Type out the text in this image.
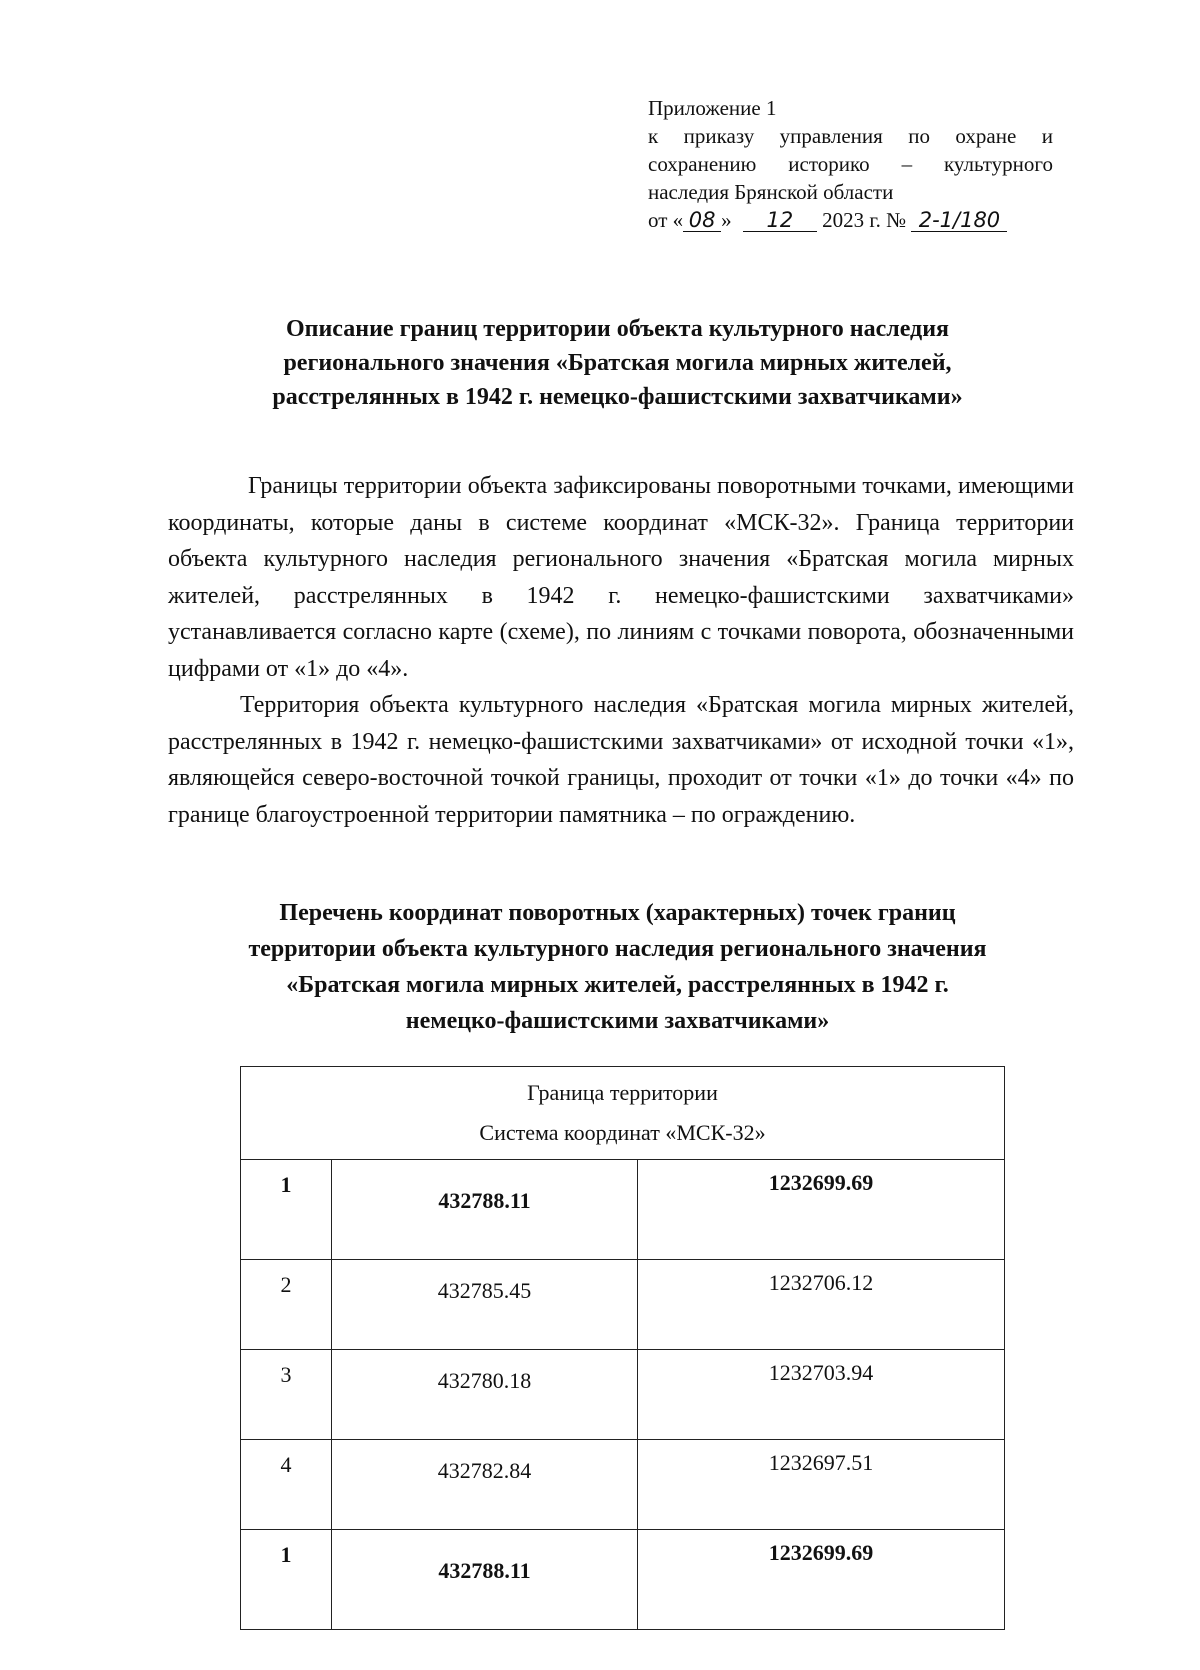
Приложение 1
к приказу управления по охране и
сохранению историко – культурного
наследия Брянской области
от « 08 » 12 2023 г. № 2-1/180
Описание границ территории объекта культурного наследия
регионального значения «Братская могила мирных жителей,
расстрелянных в 1942 г. немецко-фашистскими захватчиками»

Границы территории объекта зафиксированы поворотными точками, имеющими координаты, которые даны в системе координат «МСК-32». Граница территории объекта культурного наследия регионального значения «Братская могила мирных жителей, расстрелянных в 1942 г. немецко-фашистскими захватчиками» устанавливается согласно карте (схеме), по линиям с точками поворота, обозначенными цифрами от «1» до «4».

Территория объекта культурного наследия «Братская могила мирных жителей, расстрелянных в 1942 г. немецко-фашистскими захватчиками» от исходной точки «1», являющейся северо-восточной точкой границы, проходит от точки «1» до точки «4» по границе благоустроенной территории памятника – по ограждению.

Перечень координат поворотных (характерных) точек границ
территории объекта культурного наследия регионального значения
«Братская могила мирных жителей, расстрелянных в 1942 г.
немецко-фашистскими захватчиками»
Граница территории
Система координат «МСК-32»		

1	432788.11	1232699.69
2	432785.45	1232706.12
3	432780.18	1232703.94
4	432782.84	1232697.51
1	432788.11	1232699.69
